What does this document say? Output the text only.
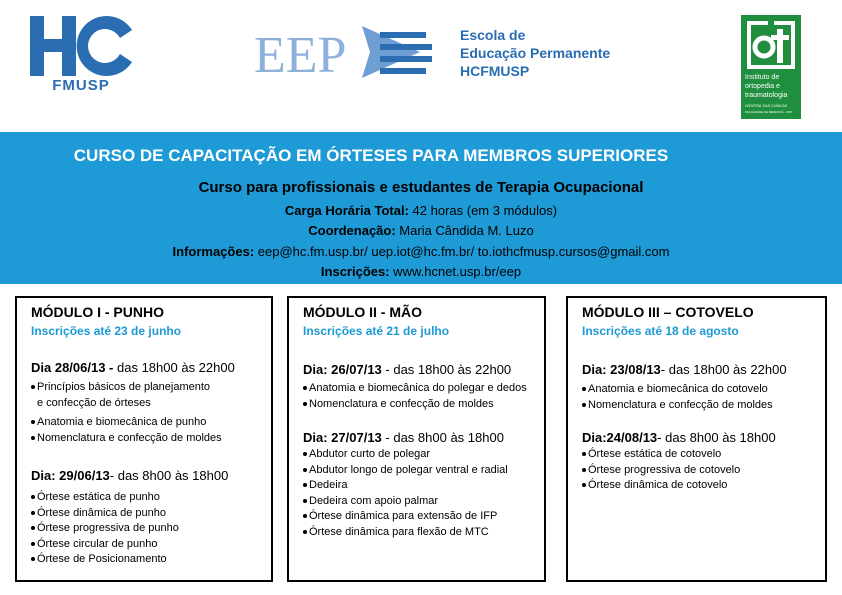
FMUSP
EEP	Escola de
Educação Permanente
HCFMUSP	Instituto de
ortopedia e
traumatologia
HOSPITAL DAS CLÍNICAS
FACULDADE DE MEDICINA - USP
CURSO DE CAPACITAÇÃO EM ÓRTESES PARA MEMBROS SUPERIORES
Curso para profissionais e estudantes de Terapia Ocupacional
Carga Horária Total: 42 horas (em 3 módulos)
Coordenação: Maria Cândida M. Luzo
Informações: eep@hc.fm.usp.br/ uep.iot@hc.fm.br/ to.iothcfmusp.cursos@gmail.com
Inscrições: www.hcnet.usp.br/eep
MÓDULO I - PUNHO
Inscrições até 23 de junho
Dia 28/06/13 - das 18h00 às 22h00
Princípios básicos de planejamento
e confecção de órteses
Anatomia e biomecânica de punho
Nomenclatura e confecção de moldes
Dia: 29/06/13- das 8h00 às 18h00
Órtese estática de punho
Órtese dinâmica de punho
Órtese progressiva de punho
Órtese circular de punho
Órtese de Posicionamento
MÓDULO II - MÃO
Inscrições até 21 de julho
Dia: 26/07/13 - das 18h00 às 22h00
Anatomia e biomecânica do polegar e dedos
Nomenclatura e confecção de moldes
Dia: 27/07/13 - das 8h00 às 18h00
Abdutor curto de polegar
Abdutor longo de polegar ventral e radial
Dedeira
Dedeira com apoio palmar
Órtese dinâmica para extensão de IFP
Órtese dinâmica para flexão de MTC
MÓDULO III – COTOVELO
Inscrições até 18 de agosto
Dia: 23/08/13- das 18h00 às 22h00
Anatomia e biomecânica do cotovelo
Nomenclatura e confecção de moldes
Dia:24/08/13- das 8h00 às 18h00
Órtese estática de cotovelo
Órtese progressiva de cotovelo
Órtese dinâmica de cotovelo
